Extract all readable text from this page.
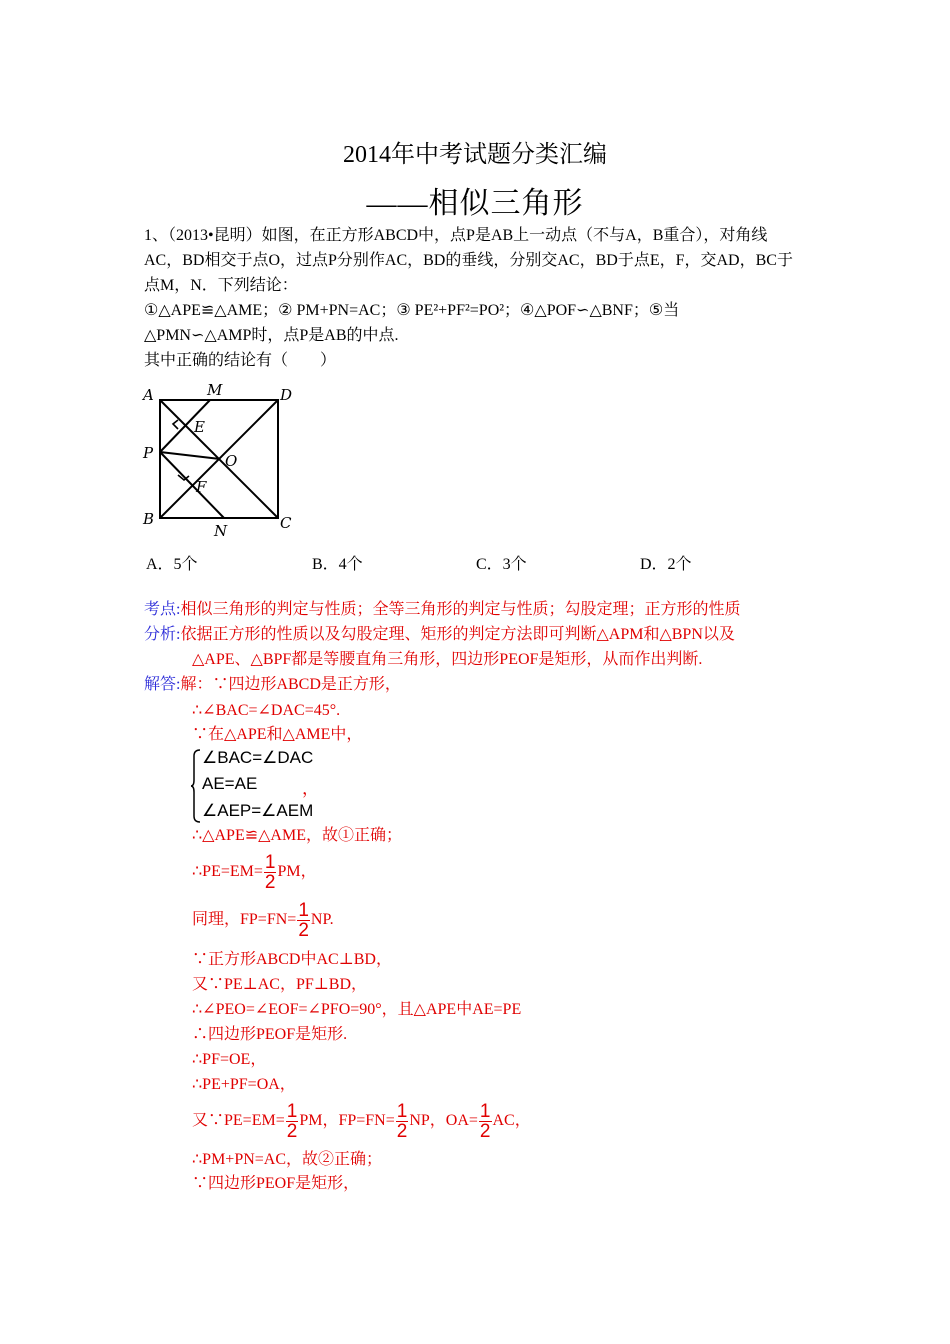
2014年中考试题分类汇编
——相似三角形
1、（2013•昆明）如图，在正方形ABCD中，点P是AB上一动点（不与A，B重合），对角线
AC，BD相交于点O，过点P分别作AC，BD的垂线，分别交AC，BD于点E，F，交AD，BC于
点M，N．下列结论：
①△APE≌△AME；② PM+PN=AC；③ PE²+PF²=PO²；④△POF∽△BNF；⑤当
△PMN∽△AMP时，点P是AB的中点.
其中正确的结论有（　　）
A	M	D
E
P	O
F
B
N	C
A．5个	B．4个	C．3个	D．2个
考点:相似三角形的判定与性质；全等三角形的判定与性质；勾股定理；正方形的性质
分析:依据正方形的性质以及勾股定理、矩形的判定方法即可判断△APM和△BPN以及
△APE、△BPF都是等腰直角三角形，四边形PEOF是矩形，从而作出判断.
解答:解：∵四边形ABCD是正方形，
∴∠BAC=∠DAC=45°.
∵在△APE和△AME中，
∠BAC=∠DAC
AE=AE
∠AEP=∠AEM
，
∴△APE≌△AME，故①正确；
∴PE=EM= $\frac{1}{2}$ PM，
同理，$FP=FN= \frac{1}{2}$ NP.
∵正方形ABCD中AC⊥BD，
又∵PE⊥AC，PF⊥BD，
∴∠PEO=∠EOF=∠PFO=90°，且△APE中AE=PE
∴四边形PEOF是矩形.
∴PF=OE，
∴PE+PF=OA，
又∵PE=EM= $\frac{1}{2}$ PM，$FP=FN= \frac{1}{2}$ NP，$OA= \frac{1}{2}$ AC，
∴PM+PN=AC，故②正确；
∵四边形PEOF是矩形，
